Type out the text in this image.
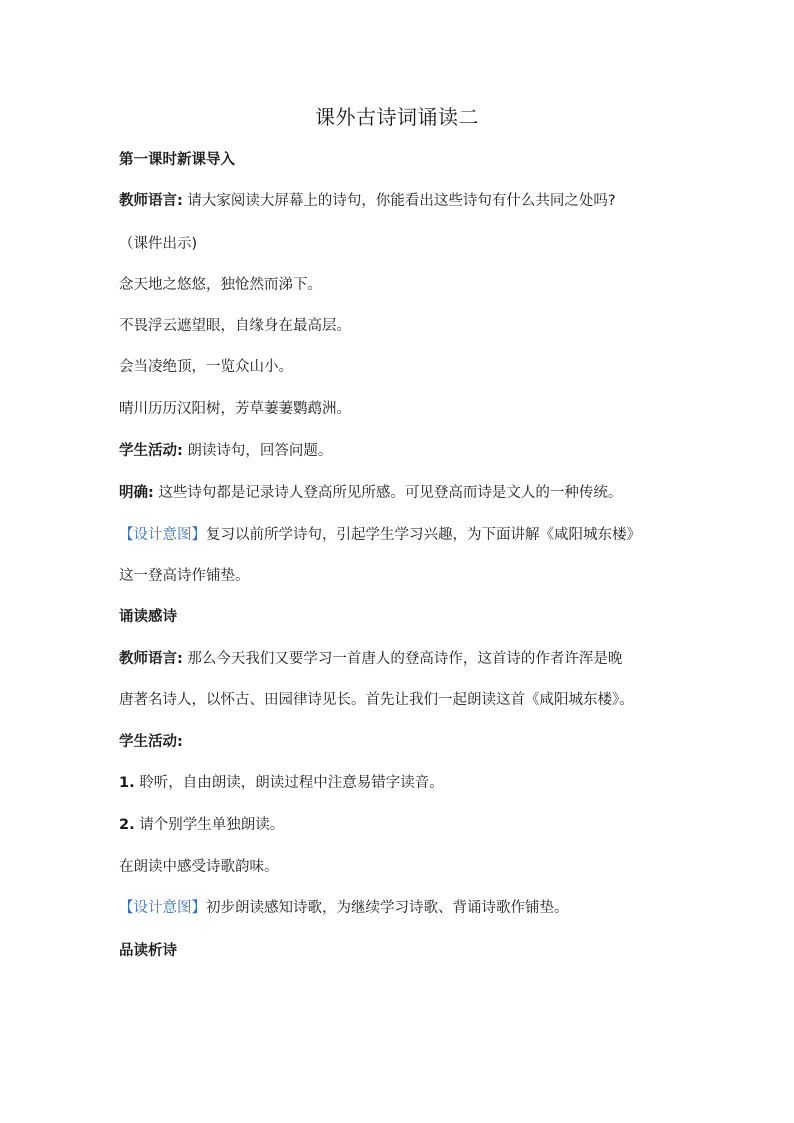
课外古诗词诵读二
第一课时新课导入
教师语言: 请大家阅读大屏幕上的诗句，你能看出这些诗句有什么共同之处吗?
（课件出示)
念天地之悠悠，独怆然而涕下。
不畏浮云遮望眼，自缘身在最高层。
会当凌绝顶，一览众山小。
晴川历历汉阳树，芳草萋萋鹦鹉洲。
学生活动: 朗读诗句，回答问题。
明确: 这些诗句都是记录诗人登高所见所感。可见登高而诗是文人的一种传统。
【设计意图】复习以前所学诗句，引起学生学习兴趣，为下面讲解《咸阳城东楼》
这一登高诗作铺垫。
诵读感诗
教师语言: 那么今天我们又要学习一首唐人的登高诗作，这首诗的作者许浑是晚
唐著名诗人，以怀古、田园律诗见长。首先让我们一起朗读这首《咸阳城东楼》。
学生活动:
1. 聆听，自由朗读，朗读过程中注意易错字读音。
2. 请个别学生单独朗读。
在朗读中感受诗歌韵味。
【设计意图】初步朗读感知诗歌，为继续学习诗歌、背诵诗歌作铺垫。
品读析诗
